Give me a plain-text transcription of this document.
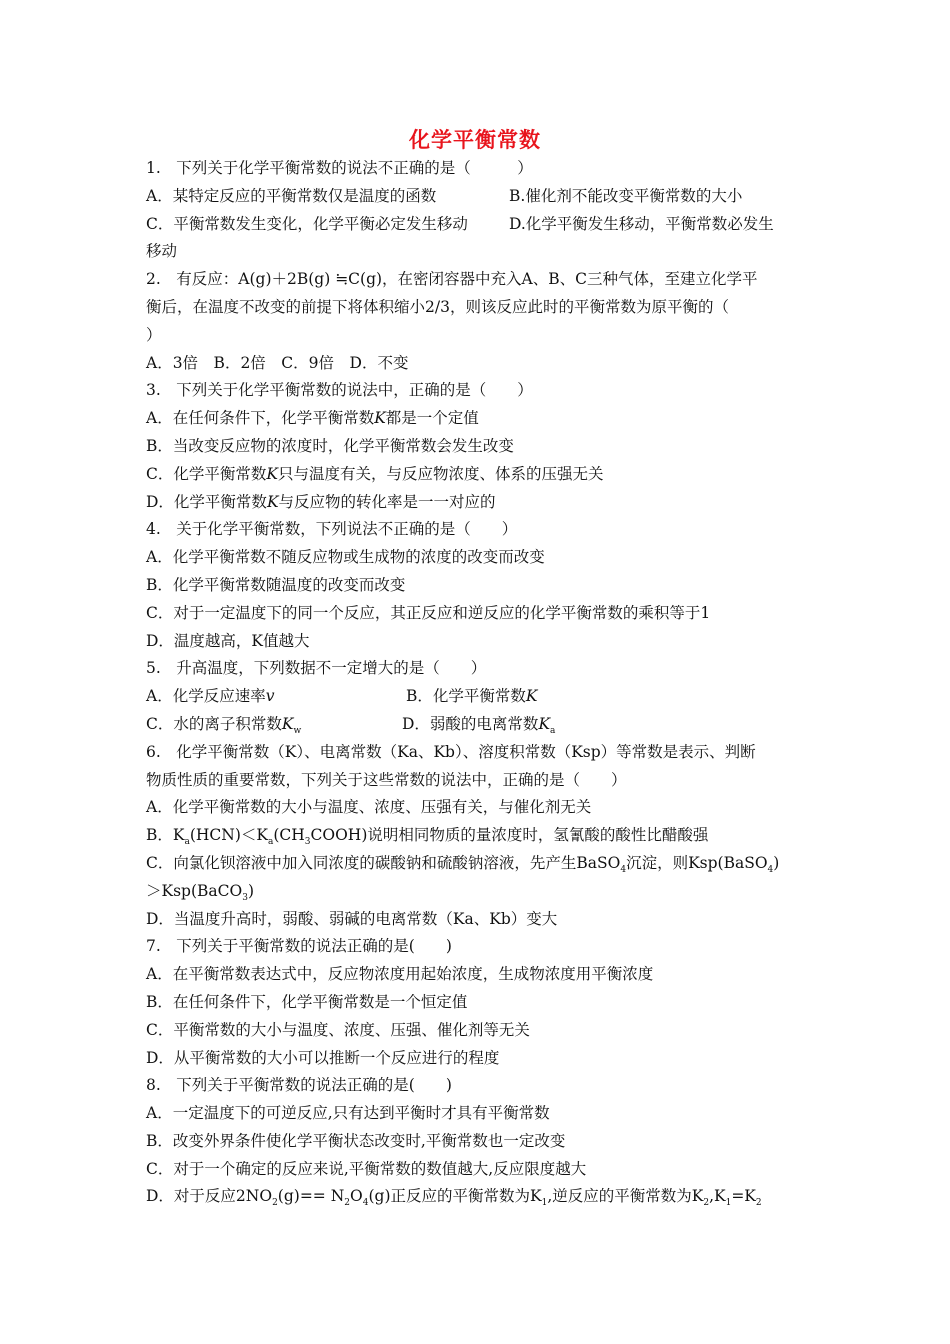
化学平衡常数
1.　下列关于化学平衡常数的说法不正确的是（　　　）
A．某特定反应的平衡常数仅是温度的函数	B.催化剂不能改变平衡常数的大小
C．平衡常数发生变化，化学平衡必定发生移动	D.化学平衡发生移动，平衡常数必发生
移动
2.　有反应：A(g)＋2B(g) ≒C(g)，在密闭容器中充入A、B、C三种气体，至建立化学平
衡后，在温度不改变的前提下将体积缩小2/3，则该反应此时的平衡常数为原平衡的（
）
A．3倍　B．2倍　C．9倍　D．不变
3.　下列关于化学平衡常数的说法中，正确的是（　　）
A．在任何条件下，化学平衡常数K都是一个定值
B．当改变反应物的浓度时，化学平衡常数会发生改变
C．化学平衡常数K只与温度有关，与反应物浓度、体系的压强无关
D．化学平衡常数K与反应物的转化率是一一对应的
4.　关于化学平衡常数，下列说法不正确的是（　　）
A．化学平衡常数不随反应物或生成物的浓度的改变而改变
B．化学平衡常数随温度的改变而改变
C．对于一定温度下的同一个反应，其正反应和逆反应的化学平衡常数的乘积等于1
D．温度越高，K值越大
5.　升高温度，下列数据不一定增大的是（　　）
A．化学反应速率v	B．化学平衡常数K
C．水的离子积常数$K_w$	D．弱酸的电离常数$K_a$
6.　化学平衡常数（K）、电离常数（Ka、Kb）、溶度积常数（Ksp）等常数是表示、判断
物质性质的重要常数，下列关于这些常数的说法中，正确的是（　　）
A．化学平衡常数的大小与温度、浓度、压强有关，与催化剂无关
B．$K_a(HCN)<K_a(CH_3COOH)$说明相同物质的量浓度时，氢氰酸的酸性比醋酸强
C．向氯化钡溶液中加入同浓度的碳酸钠和硫酸钠溶液，先产生BaSO$_4$沉淀，则Ksp(BaSO$_4$)
＞Ksp(BaCO$_3$)
D．当温度升高时，弱酸、弱碱的电离常数（Ka、Kb）变大
7.　下列关于平衡常数的说法正确的是(　　)
A．在平衡常数表达式中，反应物浓度用起始浓度，生成物浓度用平衡浓度
B．在任何条件下，化学平衡常数是一个恒定值
C．平衡常数的大小与温度、浓度、压强、催化剂等无关
D．从平衡常数的大小可以推断一个反应进行的程度
8.　下列关于平衡常数的说法正确的是(　　)
A．一定温度下的可逆反应,只有达到平衡时才具有平衡常数
B．改变外界条件使化学平衡状态改变时,平衡常数也一定改变
C．对于一个确定的反应来说,平衡常数的数值越大,反应限度越大
D．对于反应$2NO_2(g)== N_2O_4(g)$正反应的平衡常数为$K_1$,逆反应的平衡常数为$K_2,K_1=K_2$
